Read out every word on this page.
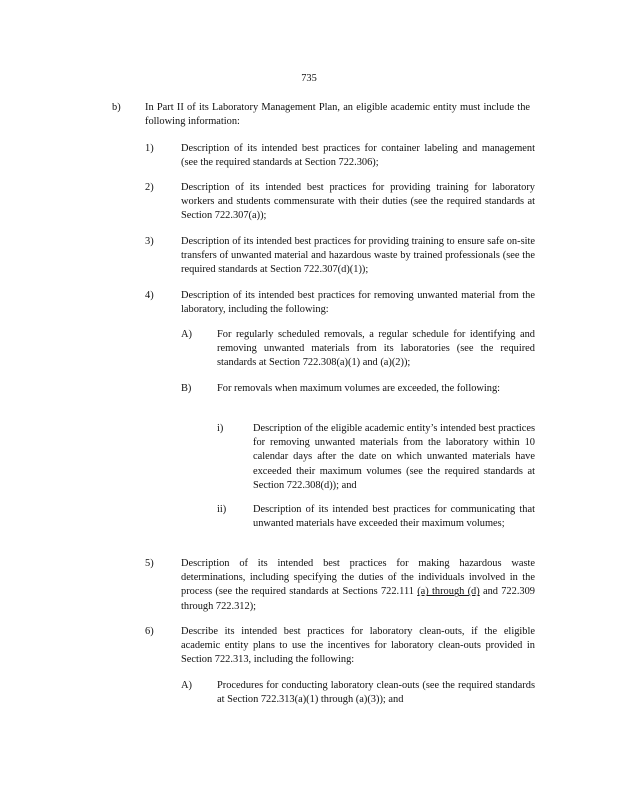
735
b) In Part II of its Laboratory Management Plan, an eligible academic entity must include the following information:
1)	Description of its intended best practices for container labeling and management (see the required standards at Section 722.306);
2)	Description of its intended best practices for providing training for laboratory workers and students commensurate with their duties (see the required standards at Section 722.307(a));
3)	Description of its intended best practices for providing training to ensure safe on-site transfers of unwanted material and hazardous waste by trained professionals (see the required standards at Section 722.307(d)(1));
4)	Description of its intended best practices for removing unwanted material from the laboratory, including the following:
A) For regularly scheduled removals, a regular schedule for identifying and removing unwanted materials from its laboratories (see the required standards at Section 722.308(a)(1) and (a)(2));
B) For removals when maximum volumes are exceeded, the following:
i)	Description of the eligible academic entity’s intended best practices for removing unwanted materials from the laboratory within 10 calendar days after the date on which unwanted materials have exceeded their maximum volumes (see the required standards at Section 722.308(d)); and
ii)	Description of its intended best practices for communicating that unwanted materials have exceeded their maximum volumes;
5)	Description of its intended best practices for making hazardous waste determinations, including specifying the duties of the individuals involved in the process (see the required standards at Sections 722.111 (a) through (d) and 722.309 through 722.312);
6)	Describe its intended best practices for laboratory clean-outs, if the eligible academic entity plans to use the incentives for laboratory clean-outs provided in Section 722.313, including the following:
A) Procedures for conducting laboratory clean-outs (see the required standards at Section 722.313(a)(1) through (a)(3)); and
